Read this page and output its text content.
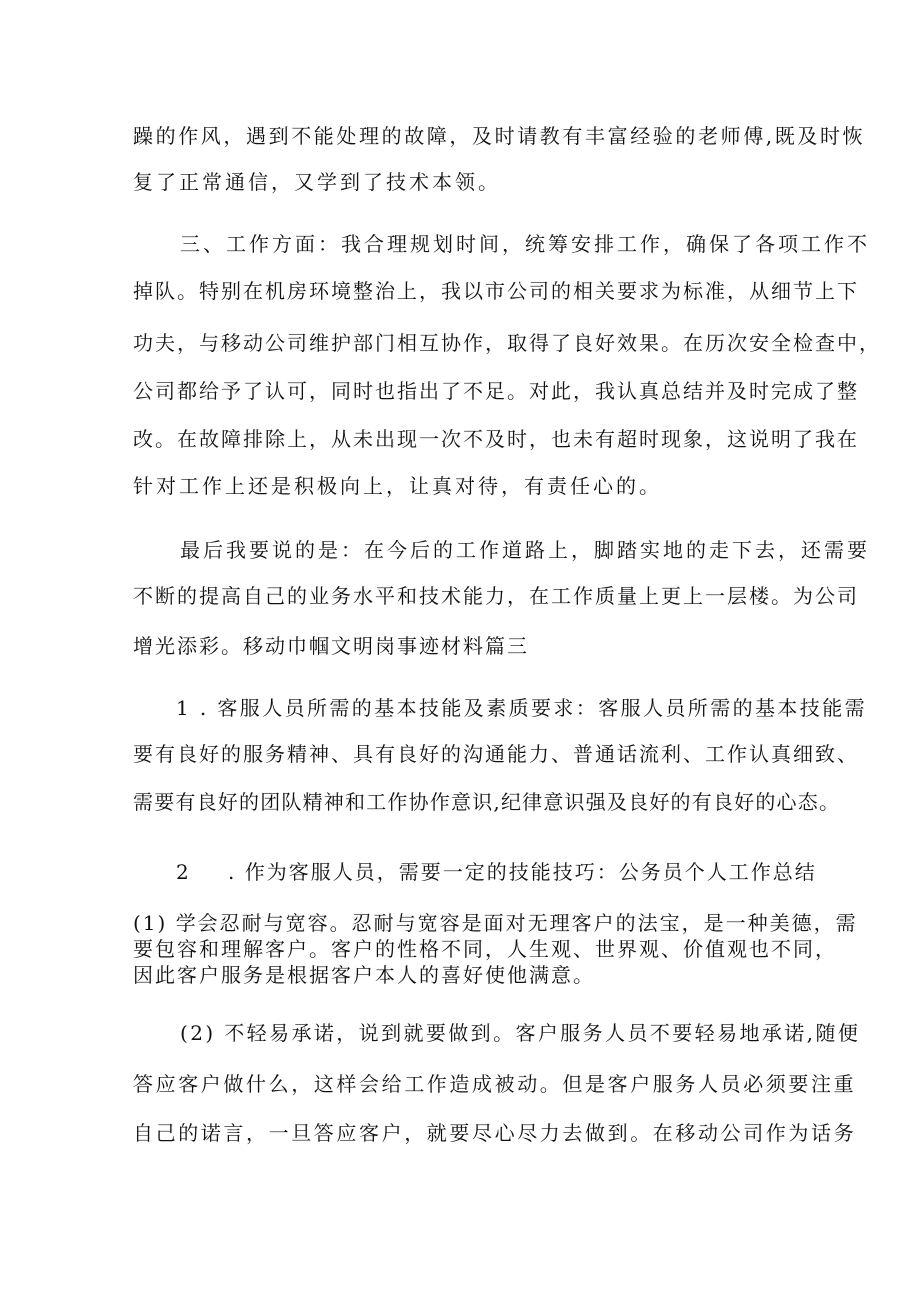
躁的作风，遇到不能处理的故障，及时请教有丰富经验的老师傅,既及时恢
复了正常通信，又学到了技术本领。
三、工作方面：我合理规划时间，统筹安排工作，确保了各项工作不
掉队。特别在机房环境整治上，我以市公司的相关要求为标准，从细节上下
功夫，与移动公司维护部门相互协作，取得了良好效果。在历次安全检查中，
公司都给予了认可，同时也指出了不足。对此，我认真总结并及时完成了整
改。在故障排除上，从未出现一次不及时，也未有超时现象，这说明了我在
针对工作上还是积极向上，让真对待，有责任心的。
最后我要说的是：在今后的工作道路上，脚踏实地的走下去，还需要
不断的提高自己的业务水平和技术能力，在工作质量上更上一层楼。为公司
增光添彩。移动巾帼文明岗事迹材料篇三
1 . 客服人员所需的基本技能及素质要求：客服人员所需的基本技能需
要有良好的服务精神、具有良好的沟通能力、普通话流利、工作认真细致、
需要有良好的团队精神和工作协作意识,纪律意识强及良好的有良好的心态。
2 . 作为客服人员，需要一定的技能技巧：公务员个人工作总结
(1) 学会忍耐与宽容。忍耐与宽容是面对无理客户的法宝，是一种美德，需
要包容和理解客户。客户的性格不同，人生观、世界观、价值观也不同，
因此客户服务是根据客户本人的喜好使他满意。
(2) 不轻易承诺，说到就要做到。客户服务人员不要轻易地承诺,随便
答应客户做什么，这样会给工作造成被动。但是客户服务人员必须要注重
自己的诺言，一旦答应客户，就要尽心尽力去做到。在移动公司作为话务
